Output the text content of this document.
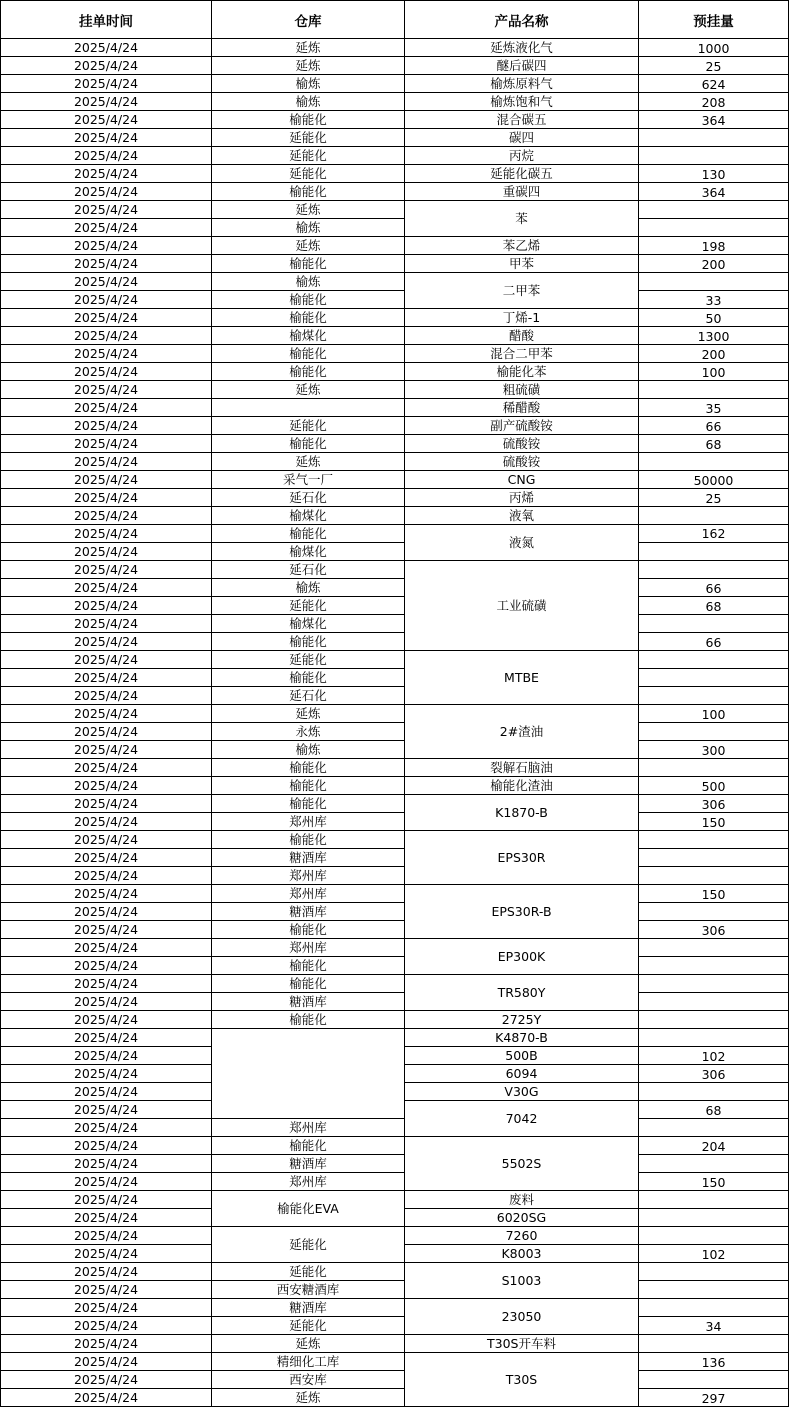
挂单时间	仓库	产品名称	预挂量
2025/4/24	延炼	延炼液化气	1000
2025/4/24	延炼	醚后碳四	25
2025/4/24	榆炼	榆炼原料气	624
2025/4/24	榆炼	榆炼饱和气	208
2025/4/24	榆能化	混合碳五	364
2025/4/24	延能化	碳四	
2025/4/24	延能化	丙烷	
2025/4/24	延能化	延能化碳五	130
2025/4/24	榆能化	重碳四	364
2025/4/24	延炼	苯	
2025/4/24	榆炼		
2025/4/24	延炼	苯乙烯	198
2025/4/24	榆能化	甲苯	200
2025/4/24	榆炼	二甲苯	
2025/4/24	榆能化		33
2025/4/24	榆能化	丁烯-1	50
2025/4/24	榆煤化	醋酸	1300
2025/4/24	榆能化	混合二甲苯	200
2025/4/24	榆能化	榆能化苯	100
2025/4/24	延炼	粗硫磺	
2025/4/24		稀醋酸	35
2025/4/24	延能化	副产硫酸铵	66
2025/4/24	榆能化	硫酸铵	68
2025/4/24	延炼	硫酸铵	
2025/4/24	采气一厂	CNG	50000
2025/4/24	延石化	丙烯	25
2025/4/24	榆煤化	液氧	
2025/4/24	榆能化	液氮	162
2025/4/24	榆煤化		
2025/4/24	延石化	工业硫磺	
2025/4/24	榆炼		66
2025/4/24	延能化		68
2025/4/24	榆煤化		
2025/4/24	榆能化		66
2025/4/24	延能化	MTBE	
2025/4/24	榆能化		
2025/4/24	延石化		
2025/4/24	延炼	2#渣油	100
2025/4/24	永炼		
2025/4/24	榆炼		300
2025/4/24	榆能化	裂解石脑油	
2025/4/24	榆能化	榆能化渣油	500
2025/4/24	榆能化	K1870-B	306
2025/4/24	郑州库		150
2025/4/24	榆能化	EPS30R	
2025/4/24	糖酒库		
2025/4/24	郑州库		
2025/4/24	郑州库	EPS30R-B	150
2025/4/24	糖酒库		
2025/4/24	榆能化		306
2025/4/24	郑州库	EP300K	
2025/4/24	榆能化		
2025/4/24	榆能化	TR580Y	
2025/4/24	糖酒库		
2025/4/24	榆能化	2725Y	
2025/4/24		K4870-B	
2025/4/24		500B	102
2025/4/24		6094	306
2025/4/24		V30G	
2025/4/24		7042	68
2025/4/24	郑州库		
2025/4/24	榆能化	5502S	204
2025/4/24	糖酒库		
2025/4/24	郑州库		150
2025/4/24	榆能化EVA	废料	
2025/4/24		6020SG	
2025/4/24	延能化	7260	
2025/4/24		K8003	102
2025/4/24	延能化	S1003	
2025/4/24	西安糖酒库		
2025/4/24	糖酒库	23050	
2025/4/24	延能化		34
2025/4/24	延炼	T30S开车料	
2025/4/24	精细化工库	T30S	136
2025/4/24	西安库		
2025/4/24	延炼		297
